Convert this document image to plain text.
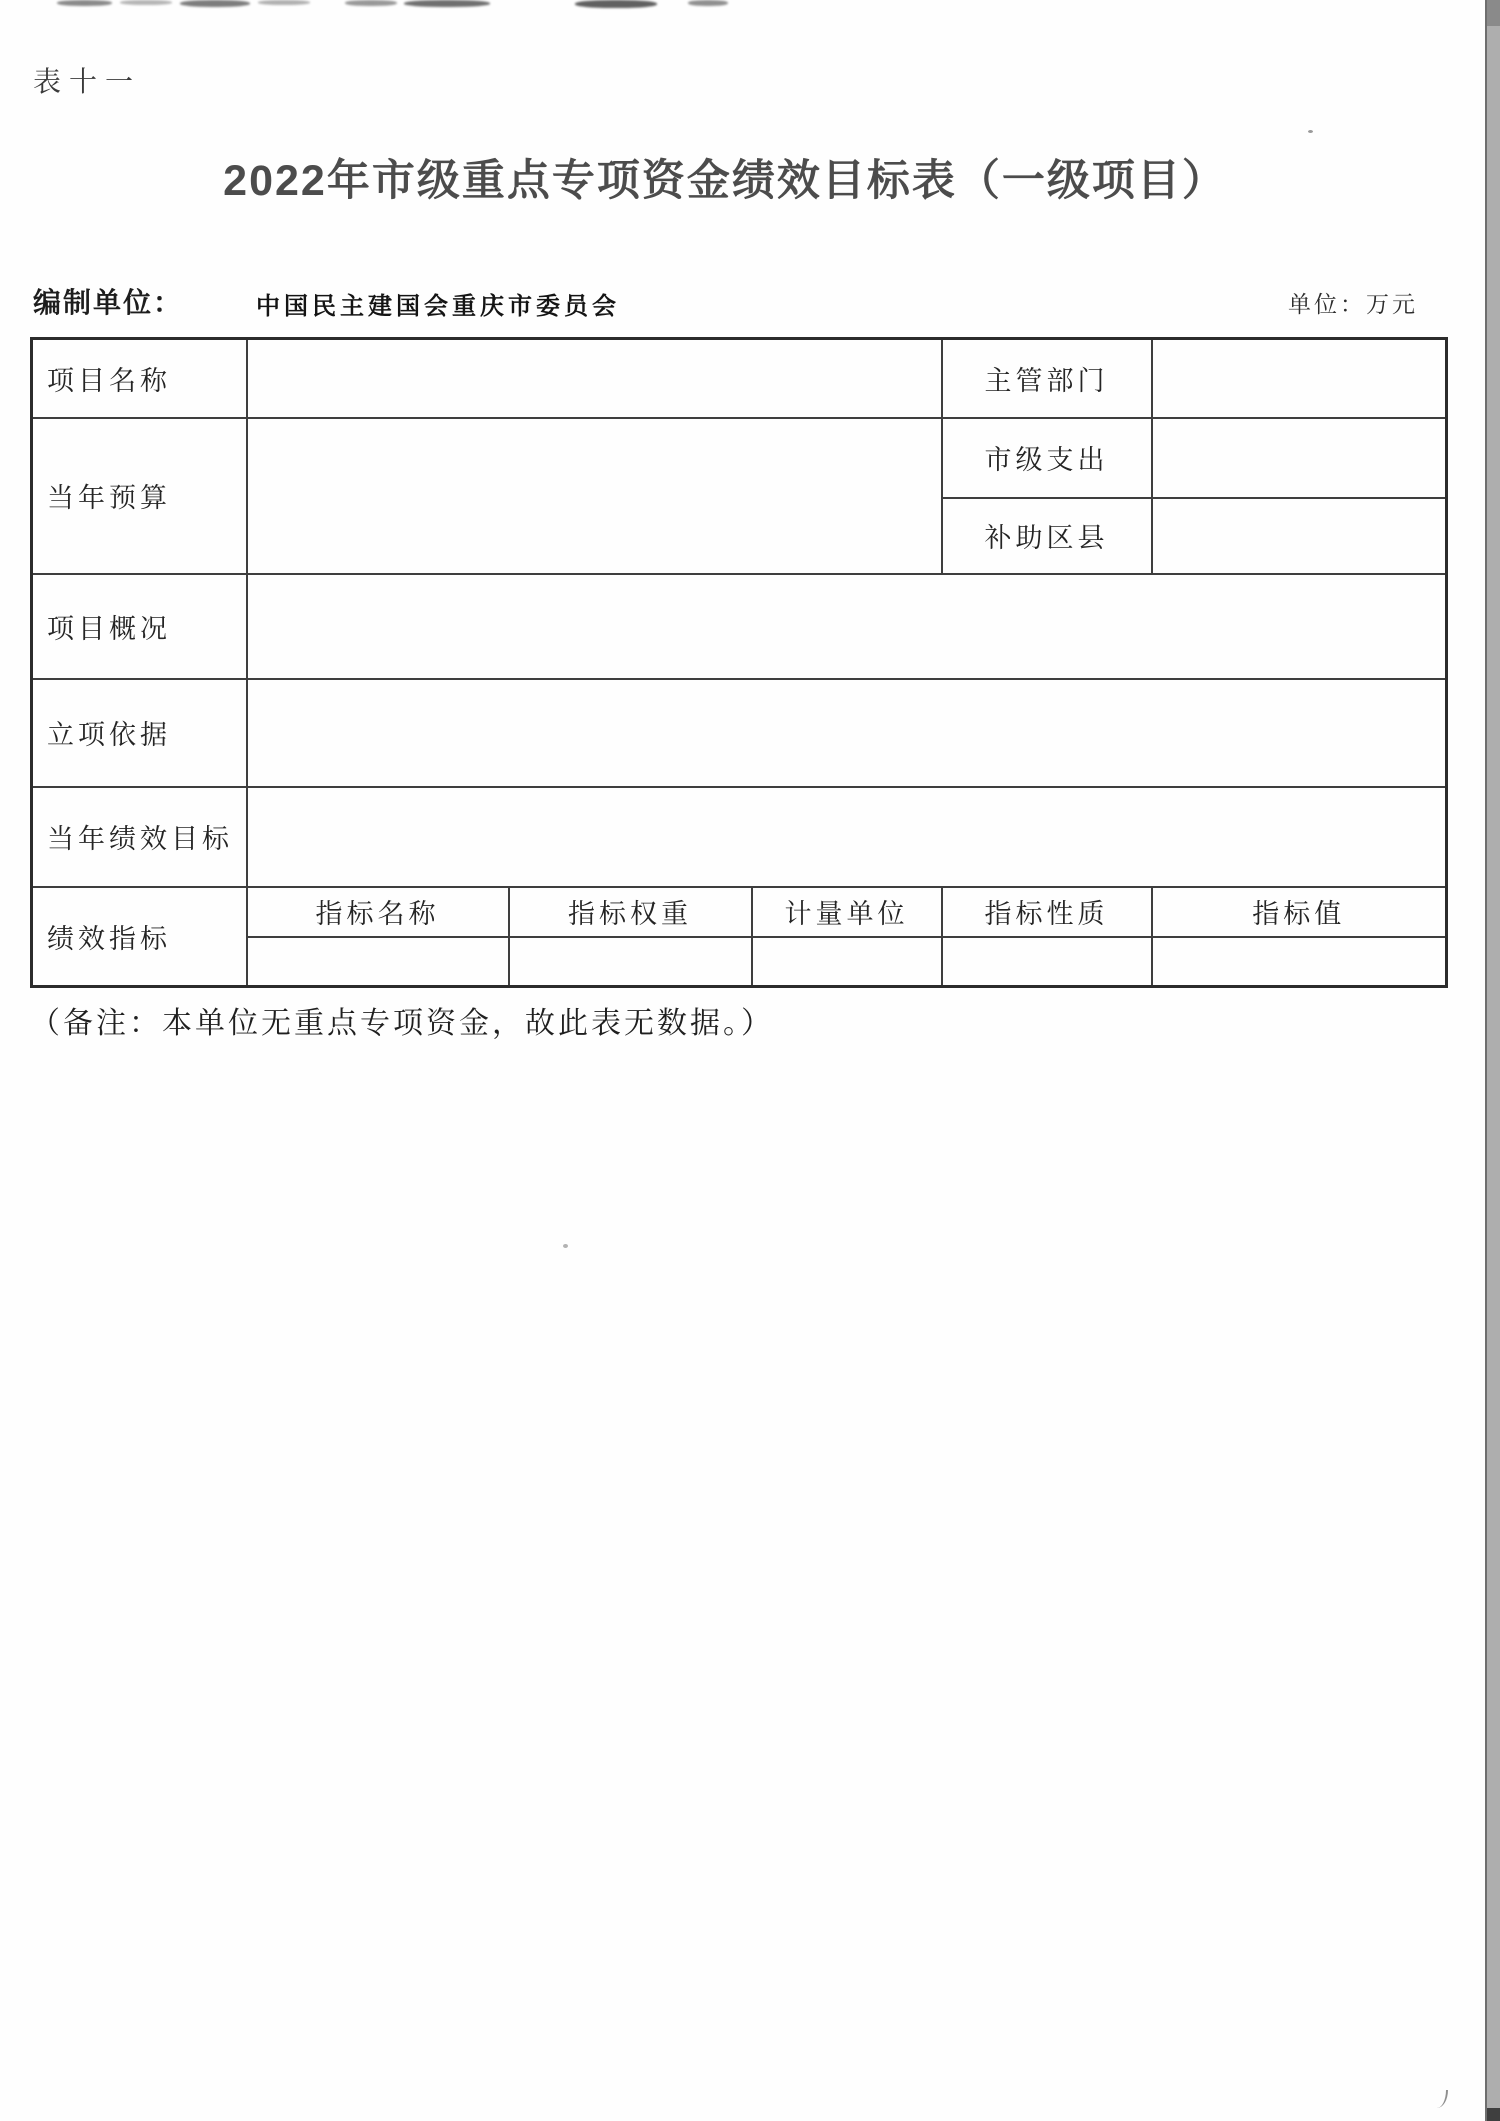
表十一
2022年市级重点专项资金绩效目标表（一级项目）
编制单位：	中国民主建国会重庆市委员会	单位：万元
项目名称				主管部门	
当年预算				市级支出	
				补助区县	
项目概况					
立项依据					
当年绩效目标					
绩效指标	指标名称	指标权重	计量单位	指标性质	指标值

（备注：本单位无重点专项资金，故此表无数据。）
